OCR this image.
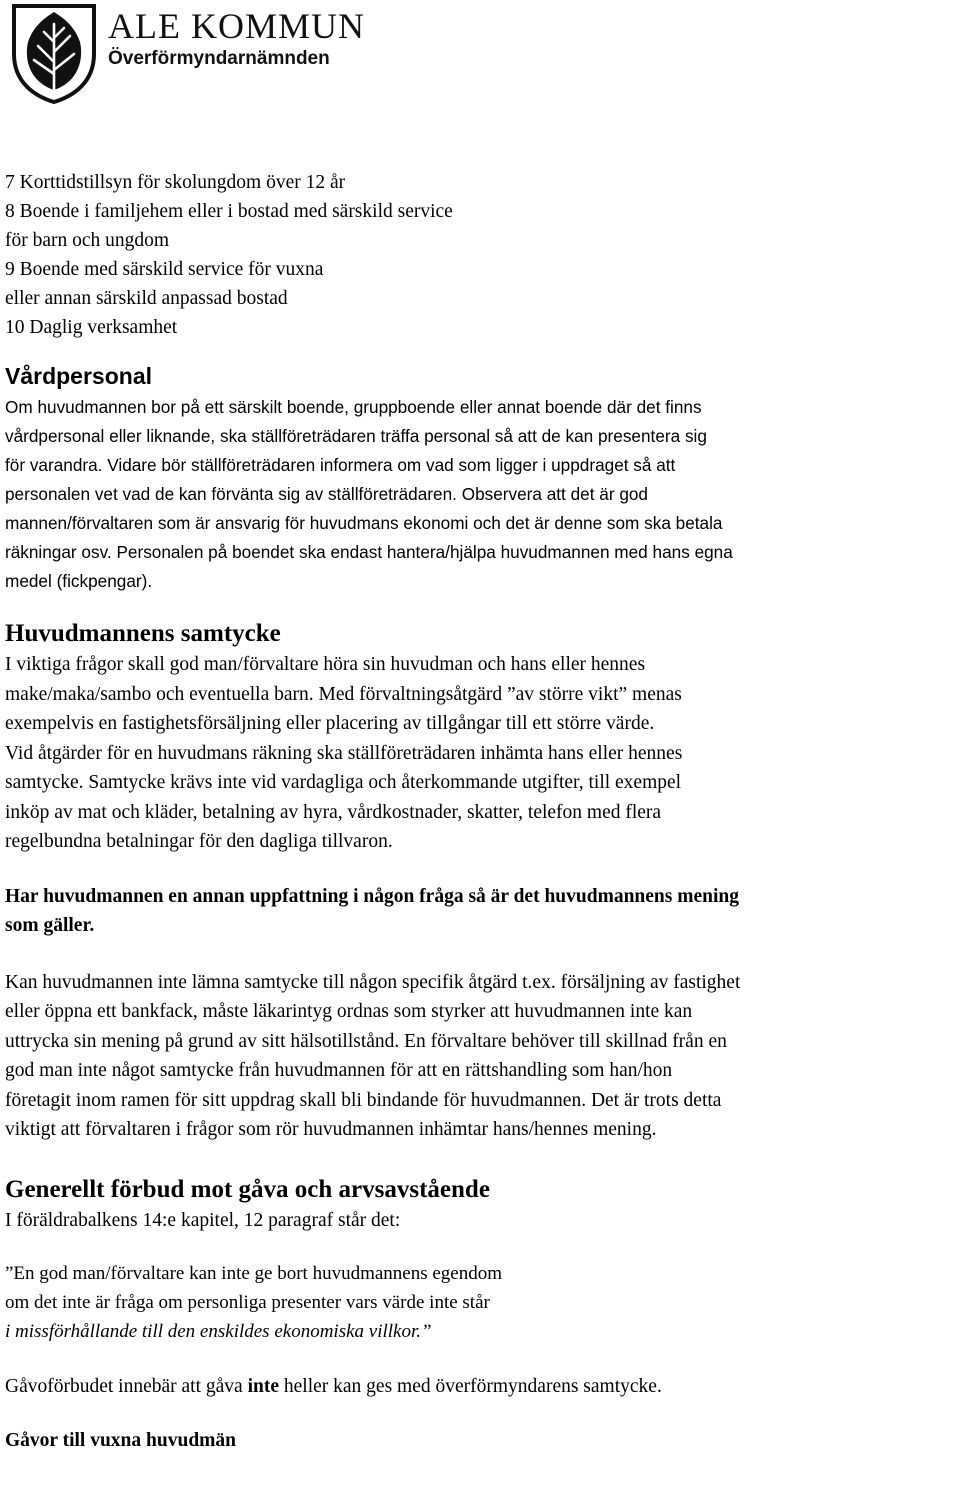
ALE KOMMUN
Överförmyndarnämnden

7 Korttidstillsyn för skolungdom över 12 år

8 Boende i familjehem eller i bostad med särskild service

för barn och ungdom

9 Boende med särskild service för vuxna

eller annan särskild anpassad bostad

10 Daglig verksamhet

Vårdpersonal

Om huvudmannen bor på ett särskilt boende, gruppboende eller annat boende där det finns

vårdpersonal eller liknande, ska ställföreträdaren träffa personal så att de kan presentera sig

för varandra. Vidare bör ställföreträdaren informera om vad som ligger i uppdraget så att

personalen vet vad de kan förvänta sig av ställföreträdaren. Observera att det är god

mannen/förvaltaren som är ansvarig för huvudmans ekonomi och det är denne som ska betala

räkningar osv. Personalen på boendet ska endast hantera/hjälpa huvudmannen med hans egna

medel (fickpengar).

Huvudmannens samtycke
I viktiga frågor skall god man/förvaltare höra sin huvudman och hans eller hennes
make/maka/sambo och eventuella barn. Med förvaltningsåtgärd ”av större vikt” menas
exempelvis en fastighetsförsäljning eller placering av tillgångar till ett större värde.
Vid åtgärder för en huvudmans räkning ska ställföreträdaren inhämta hans eller hennes
samtycke. Samtycke krävs inte vid vardagliga och återkommande utgifter, till exempel
inköp av mat och kläder, betalning av hyra, vårdkostnader, skatter, telefon med flera
regelbundna betalningar för den dagliga tillvaron.
Har huvudmannen en annan uppfattning i någon fråga så är det huvudmannens mening
som gäller.
Kan huvudmannen inte lämna samtycke till någon specifik åtgärd t.ex. försäljning av fastighet
eller öppna ett bankfack, måste läkarintyg ordnas som styrker att huvudmannen inte kan
uttrycka sin mening på grund av sitt hälsotillstånd. En förvaltare behöver till skillnad från en
god man inte något samtycke från huvudmannen för att en rättshandling som han/hon
företagit inom ramen för sitt uppdrag skall bli bindande för huvudmannen. Det är trots detta
viktigt att förvaltaren i frågor som rör huvudmannen inhämtar hans/hennes mening.
Generellt förbud mot gåva och arvsavstående
I föräldrabalkens 14:e kapitel, 12 paragraf står det:
”En god man/förvaltare kan inte ge bort huvudmannens egendom
om det inte är fråga om personliga presenter vars värde inte står
i missförhållande till den enskildes ekonomiska villkor.”
Gåvoförbudet innebär att gåva inte heller kan ges med överförmyndarens samtycke.
Gåvor till vuxna huvudmän
